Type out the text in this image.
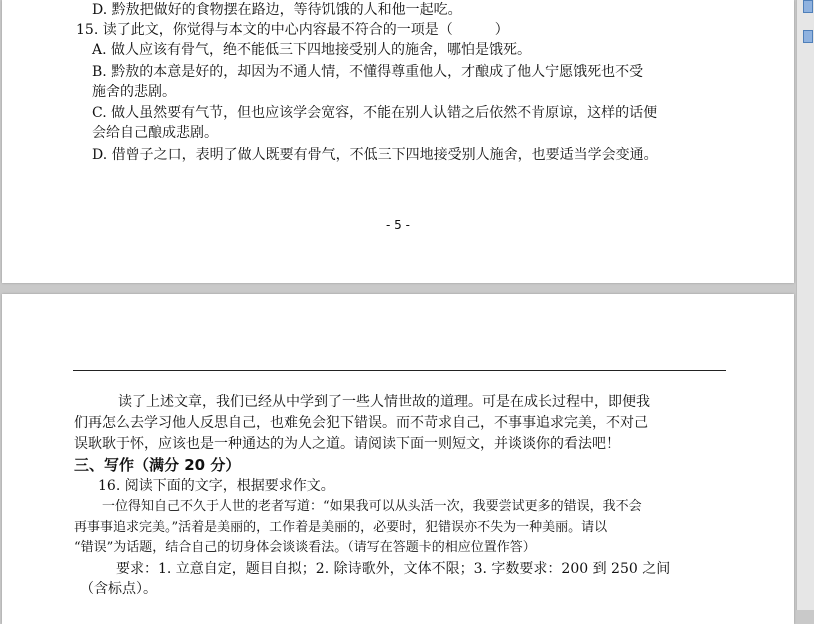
D. 黔敖把做好的食物摆在路边，等待饥饿的人和他一起吃。
15. 读了此文，你觉得与本文的中心内容最不符合的一项是（　　　）
A. 做人应该有骨气，绝不能低三下四地接受别人的施舍，哪怕是饿死。
B. 黔敖的本意是好的，却因为不通人情，不懂得尊重他人，才酿成了他人宁愿饿死也不受
施舍的悲剧。
C. 做人虽然要有气节，但也应该学会宽容，不能在别人认错之后依然不肯原谅，这样的话便
会给自己酿成悲剧。
D. 借曾子之口，表明了做人既要有骨气，不低三下四地接受别人施舍，也要适当学会变通。
- 5 -
读了上述文章，我们已经从中学到了一些人情世故的道理。可是在成长过程中，即便我
们再怎么去学习他人反思自己，也难免会犯下错误。而不苛求自己，不事事追求完美，不对己
误耿耿于怀，应该也是一种通达的为人之道。请阅读下面一则短文，并谈谈你的看法吧！
三、写作（满分 20 分）
16. 阅读下面的文字，根据要求作文。
一位得知自己不久于人世的老者写道：“如果我可以从头活一次，我要尝试更多的错误，我不会
再事事追求完美。”活着是美丽的，工作着是美丽的，必要时，犯错误亦不失为一种美丽。请以
“错误”为话题，结合自己的切身体会谈谈看法。（请写在答题卡的相应位置作答）
要求：1. 立意自定，题目自拟；2. 除诗歌外，文体不限；3. 字数要求：200 到 250 之间
（含标点）。
